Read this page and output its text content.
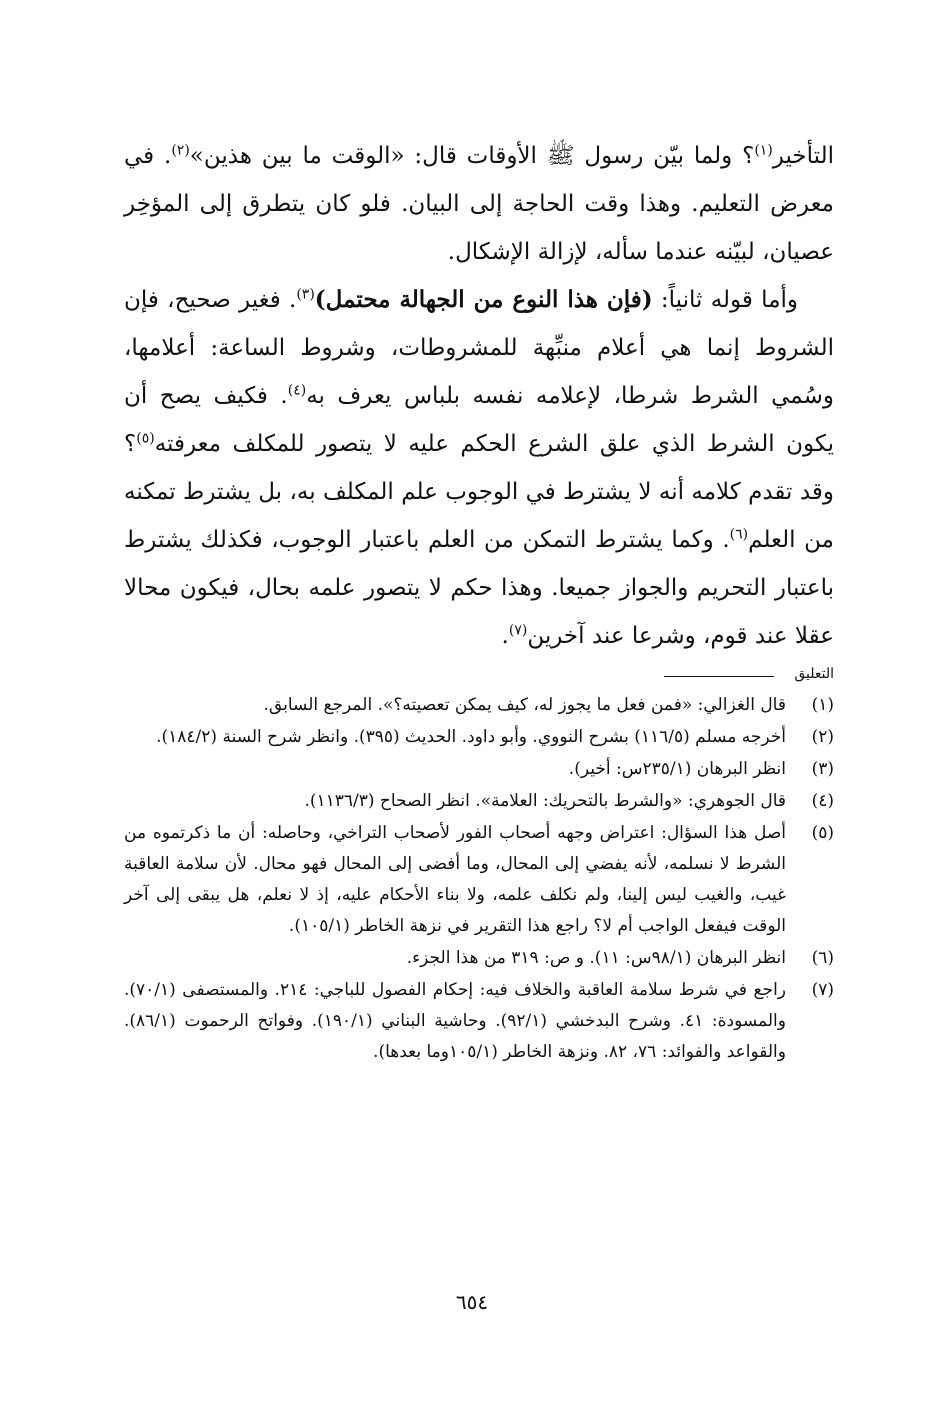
التأخير$^{(١)}$؟ ولما بيّن رسول ﷺ الأوقات قال: «الوقت ما بين هذين»$^{(٢)}$. في معرض التعليم. وهذا وقت الحاجة إلى البيان. فلو كان يتطرق إلى المؤخِر عصيان، لبيّنه عندما سأله، لإزالة الإشكال.

وأما قوله ثانياً: (فإن هذا النوع من الجهالة محتمل)$^{(٣)}$. فغير صحيح، فإن الشروط إنما هي أعلام منبِّهة للمشروطات، وشروط الساعة: أعلامها، وسُمي الشرط شرطا، لإعلامه نفسه بلباس يعرف به$^{(٤)}$. فكيف يصح أن يكون الشرط الذي علق الشرع الحكم عليه لا يتصور للمكلف معرفته$^{(٥)}$؟ وقد تقدم كلامه أنه لا يشترط في الوجوب علم المكلف به، بل يشترط تمكنه من العلم$^{(٦)}$. وكما يشترط التمكن من العلم باعتبار الوجوب، فكذلك يشترط باعتبار التحريم والجواز جميعا. وهذا حكم لا يتصور علمه بحال، فيكون محالا عقلا عند قوم، وشرعا عند آخرين$^{(٧)}$.

التعليق
(١)
قال الغزالي: «فمن فعل ما يجوز له، كيف يمكن تعصيته؟». المرجع السابق.
(٢)
أخرجه مسلم (١١٦/٥) بشرح النووي. وأبو داود. الحديث (٣٩٥). وانظر شرح السنة (١٨٤/٢).
(٣)
انظر البرهان (٢٣٥/١س: أخير).
(٤)
قال الجوهري: «والشرط بالتحريك: العلامة». انظر الصحاح (١١٣٦/٣).
(٥)
أصل هذا السؤال: اعتراض وجهه أصحاب الفور لأصحاب التراخي، وحاصله: أن ما ذكرتموه من الشرط لا نسلمه، لأنه يفضي إلى المحال، وما أفضى إلى المحال فهو محال. لأن سلامة العاقبة غيب، والغيب ليس إلينا، ولم نكلف علمه، ولا بناء الأحكام عليه، إذ لا نعلم، هل يبقى إلى آخر الوقت فيفعل الواجب أم لا؟ راجع هذا التقرير في نزهة الخاطر (١٠٥/١).
(٦)
انظر البرهان (٩٨/١س: ١١). و ص: ٣١٩ من هذا الجزء.
(٧)
راجع في شرط سلامة العاقبة والخلاف فيه: إحكام الفصول للباجي: ٢١٤. والمستصفى (٧٠/١). والمسودة: ٤١. وشرح البدخشي (٩٢/١). وحاشية البناني (١٩٠/١). وفواتح الرحموت (٨٦/١). والقواعد والفوائد: ٧٦، ٨٢. ونزهة الخاطر (١٠٥/١وما بعدها).
٦٥٤
